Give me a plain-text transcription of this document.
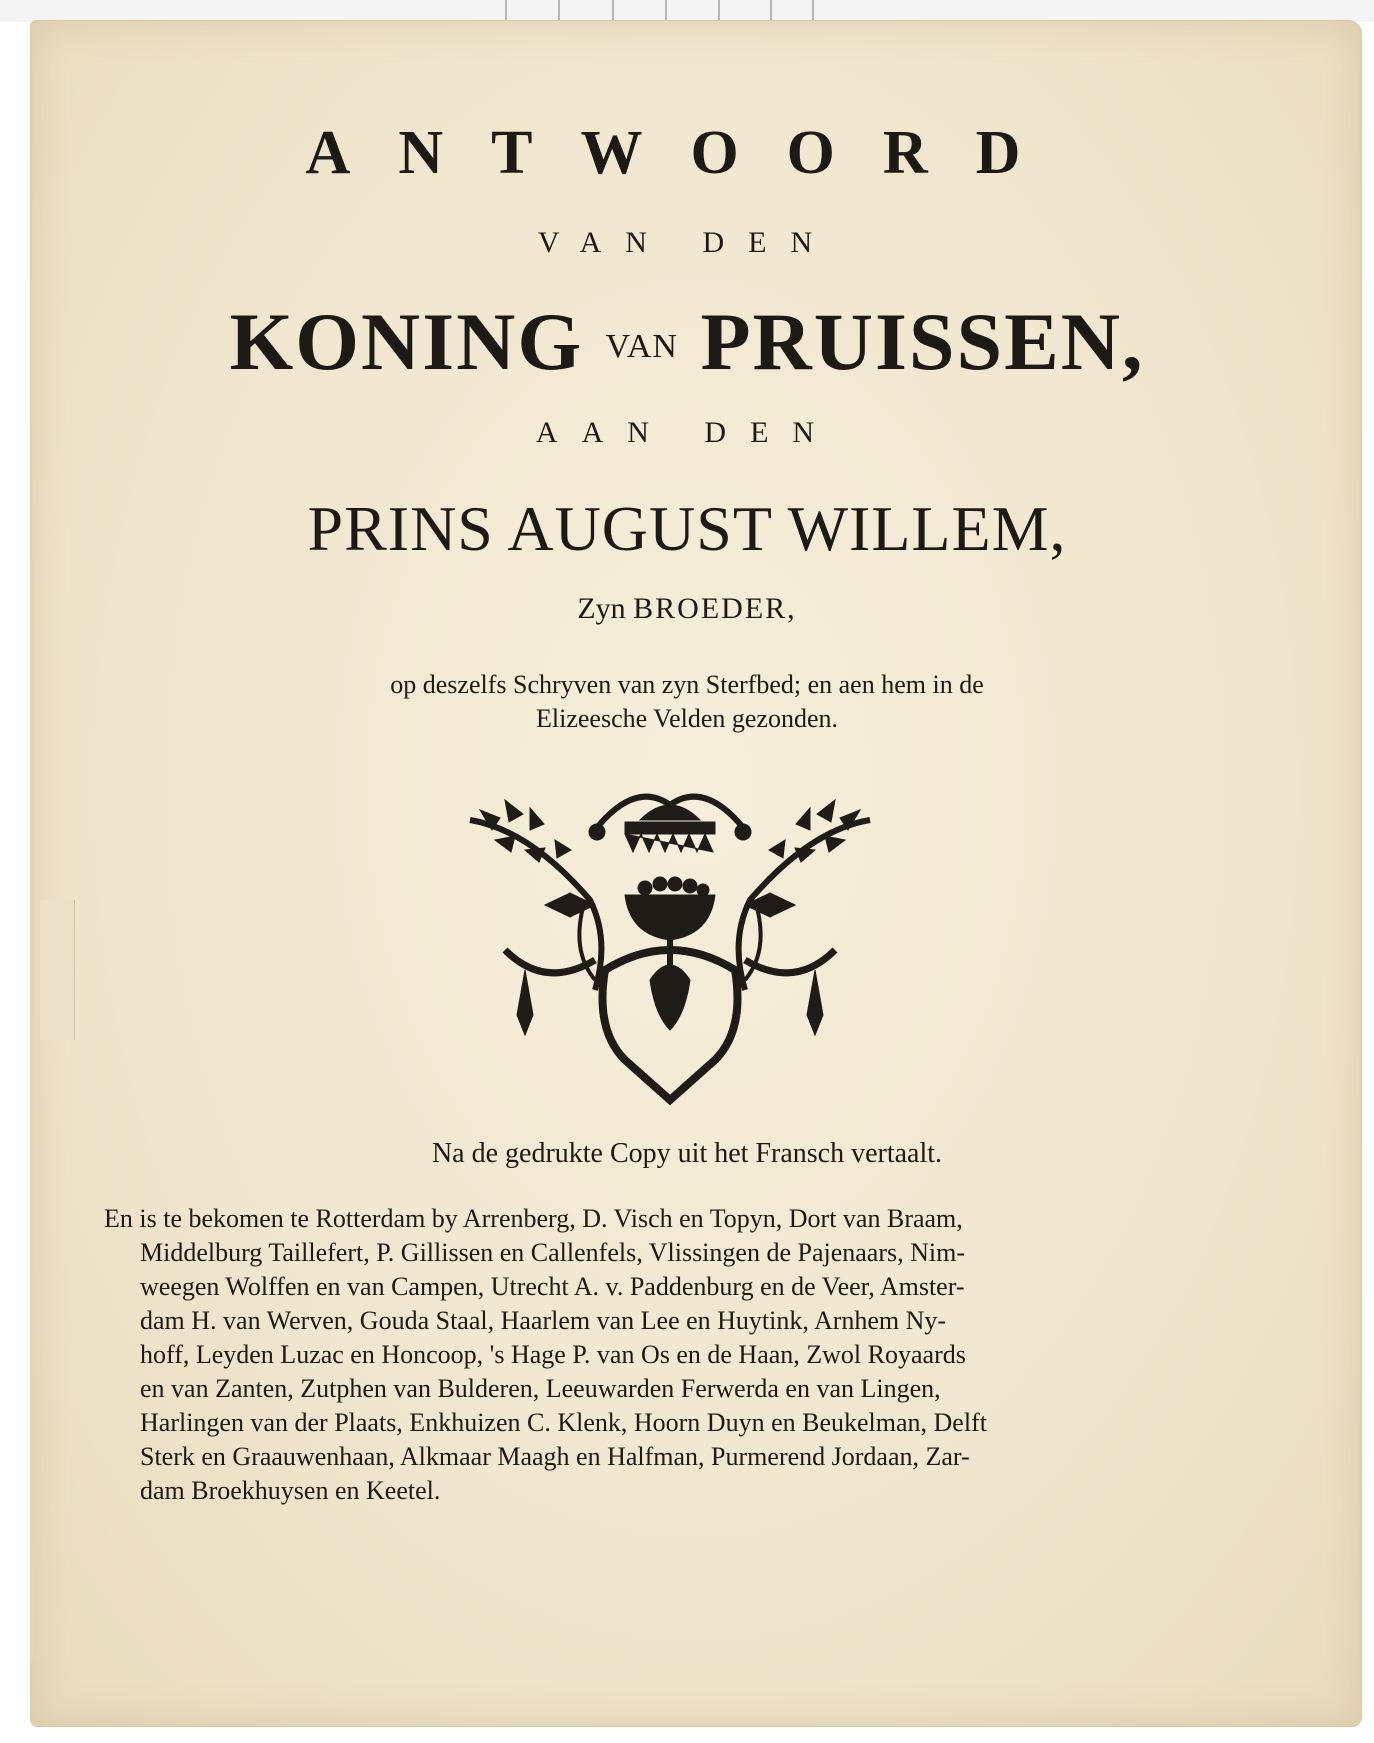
ANTWOORD
VAN DEN
KONING VAN PRUISSEN,
AAN DEN
PRINS AUGUST WILLEM,
Zyn BROEDER,
op deszelfs Schryven van zyn Sterfbed; en aen hem in de
Elizeesche Velden gezonden.
Na de gedrukte Copy uit het Fransch vertaalt.
En is te bekomen te Rotterdam by Arrenberg, D. Visch en Topyn, Dort van Braam,
Middelburg Taillefert, P. Gillissen en Callenfels, Vlissingen de Pajenaars, Nim-
weegen Wolffen en van Campen, Utrecht A. v. Paddenburg en de Veer, Amster-
dam H. van Werven, Gouda Staal, Haarlem van Lee en Huytink, Arnhem Ny-
hoff, Leyden Luzac en Honcoop, 's Hage P. van Os en de Haan, Zwol Royaards
en van Zanten, Zutphen van Bulderen, Leeuwarden Ferwerda en van Lingen,
Harlingen van der Plaats, Enkhuizen C. Klenk, Hoorn Duyn en Beukelman, Delft
Sterk en Graauwenhaan, Alkmaar Maagh en Halfman, Purmerend Jordaan, Zar-
dam Broekhuysen en Keetel.
